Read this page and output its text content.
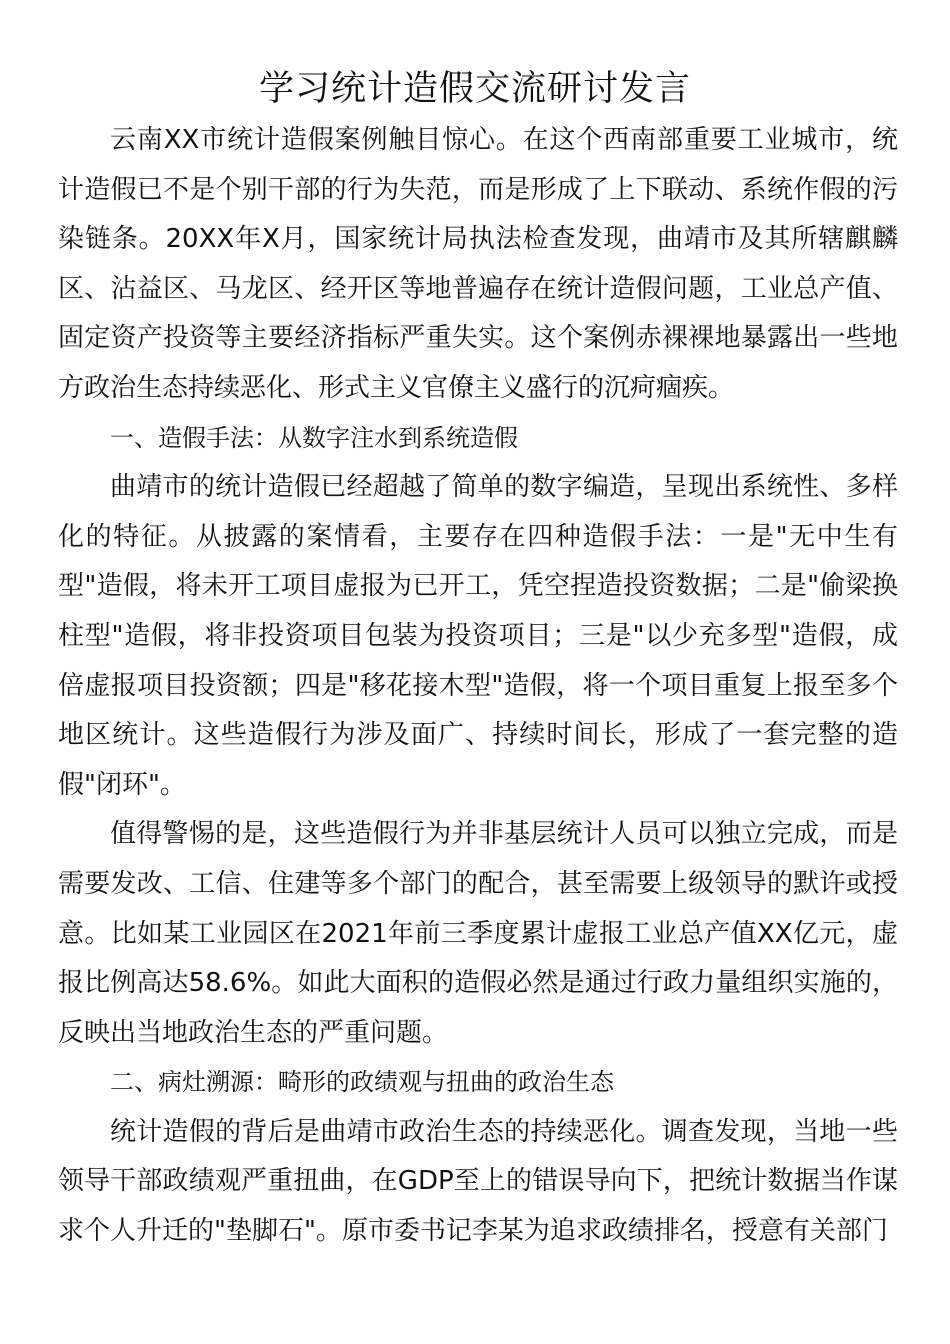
学习统计造假交流研讨发言

云南XX市统计造假案例触目惊心。在这个西南部重要工业城市，统计造假已不是个别干部的行为失范，而是形成了上下联动、系统作假的污染链条。20XX年X月，国家统计局执法检查发现，曲靖市及其所辖麒麟区、沾益区、马龙区、经开区等地普遍存在统计造假问题，工业总产值、固定资产投资等主要经济指标严重失实。这个案例赤裸裸地暴露出一些地方政治生态持续恶化、形式主义官僚主义盛行的沉疴痼疾。

一、造假手法：从数字注水到系统造假

曲靖市的统计造假已经超越了简单的数字编造，呈现出系统性、多样化的特征。从披露的案情看，主要存在四种造假手法：一是"无中生有型"造假，将未开工项目虚报为已开工，凭空捏造投资数据；二是"偷梁换柱型"造假，将非投资项目包装为投资项目；三是"以少充多型"造假，成倍虚报项目投资额；四是"移花接木型"造假，将一个项目重复上报至多个地区统计。这些造假行为涉及面广、持续时间长，形成了一套完整的造假"闭环"。

值得警惕的是，这些造假行为并非基层统计人员可以独立完成，而是需要发改、工信、住建等多个部门的配合，甚至需要上级领导的默许或授意。比如某工业园区在2021年前三季度累计虚报工业总产值XX亿元，虚报比例高达58.6%。如此大面积的造假必然是通过行政力量组织实施的，反映出当地政治生态的严重问题。

二、病灶溯源：畸形的政绩观与扭曲的政治生态

统计造假的背后是曲靖市政治生态的持续恶化。调查发现，当地一些领导干部政绩观严重扭曲，在GDP至上的错误导向下，把统计数据当作谋求个人升迁的"垫脚石"。原市委书记李某为追求政绩排名，授意有关部门
